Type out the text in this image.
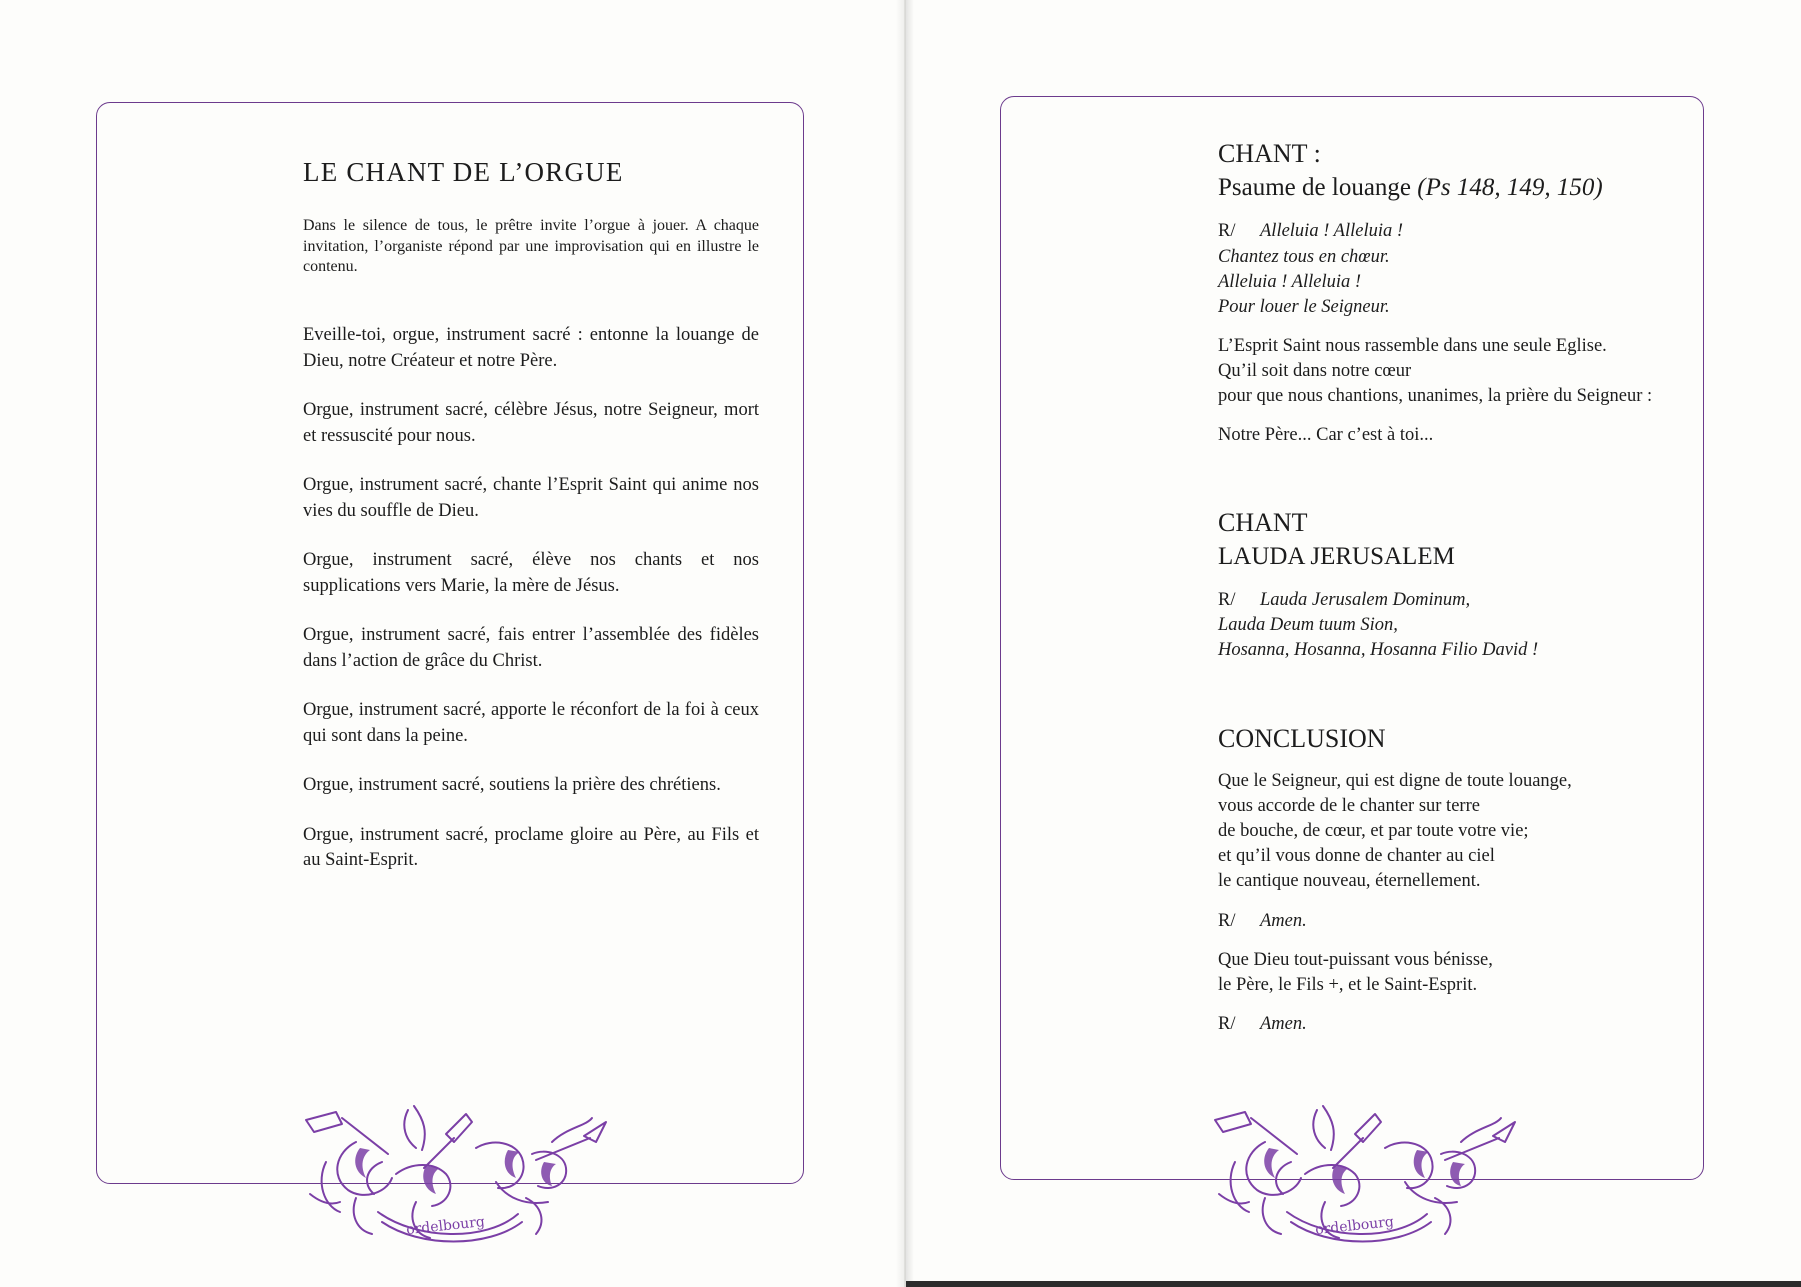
LE CHANT DE L’ORGUE

Dans le silence de tous, le prêtre invite l’orgue à jouer. A chaque invitation, l’organiste répond par une improvisation qui en illustre le contenu.

Eveille-toi, orgue, instrument sacré : entonne la louange de Dieu, notre Créateur et notre Père.

Orgue, instrument sacré, célèbre Jésus, notre Seigneur, mort et ressuscité pour nous.

Orgue, instrument sacré, chante l’Esprit Saint qui anime nos vies du souffle de Dieu.

Orgue, instrument sacré, élève nos chants et nos supplications vers Marie, la mère de Jésus.

Orgue, instrument sacré, fais entrer l’assemblée des fidèles dans l’action de grâce du Christ.

Orgue, instrument sacré, apporte le réconfort de la foi à ceux qui sont dans la peine.

Orgue, instrument sacré, soutiens la prière des chrétiens.

Orgue, instrument sacré, proclame gloire au Père, au Fils et au Saint-Esprit.

CHANT :
Psaume de louange (Ps 148, 149, 150)
R/ Alleluia ! Alleluia !
Chantez tous en chœur.
Alleluia ! Alleluia !
Pour louer le Seigneur.
L’Esprit Saint nous rassemble dans une seule Eglise.
Qu’il soit dans notre cœur
pour que nous chantions, unanimes, la prière du Seigneur :
Notre Père... Car c’est à toi...
CHANT
LAUDA JERUSALEM
R/ Lauda Jerusalem Dominum,
Lauda Deum tuum Sion,
Hosanna, Hosanna, Hosanna Filio David !
CONCLUSION
Que le Seigneur, qui est digne de toute louange,
vous accorde de le chanter sur terre
de bouche, de cœur, et par toute votre vie;
et qu’il vous donne de chanter au ciel
le cantique nouveau, éternellement.
R/ Amen.
Que Dieu tout-puissant vous bénisse,
le Père, le Fils +, et le Saint-Esprit.
R/ Amen.
ordelbourg	ordelbourg
